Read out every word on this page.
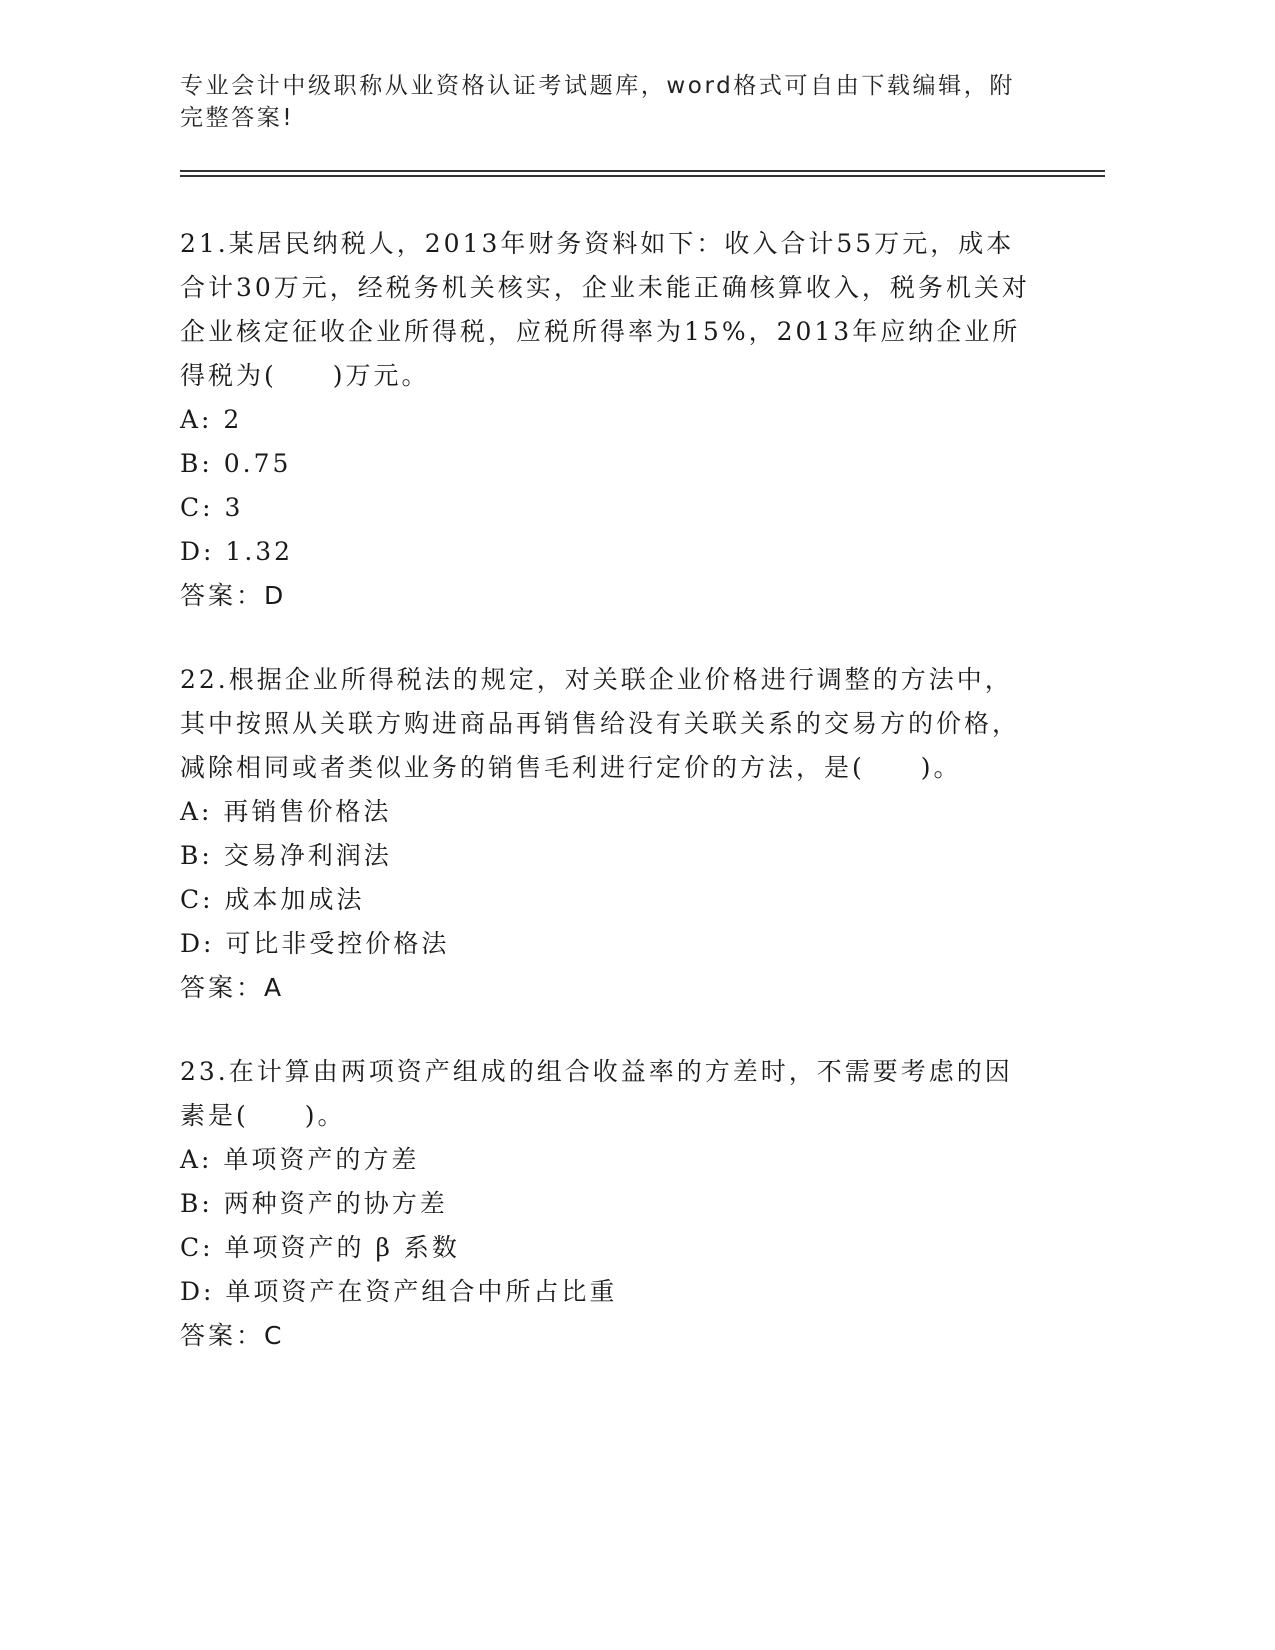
专业会计中级职称从业资格认证考试题库，word格式可自由下载编辑，附完整答案!

21.某居民纳税人，2013年财务资料如下：收入合计55万元，成本合计30万元，经税务机关核实，企业未能正确核算收入，税务机关对企业核定征收企业所得税，应税所得率为15%，2013年应纳企业所得税为(　　)万元。

A: 2

B: 0.75

C: 3

D: 1.32

答案：D

22.根据企业所得税法的规定，对关联企业价格进行调整的方法中，其中按照从关联方购进商品再销售给没有关联关系的交易方的价格，减除相同或者类似业务的销售毛利进行定价的方法，是(　　)。

A: 再销售价格法

B: 交易净利润法

C: 成本加成法

D: 可比非受控价格法

答案：A

23.在计算由两项资产组成的组合收益率的方差时，不需要考虑的因素是(　　)。

A: 单项资产的方差

B: 两种资产的协方差

C: 单项资产的 β 系数

D: 单项资产在资产组合中所占比重

答案：C
